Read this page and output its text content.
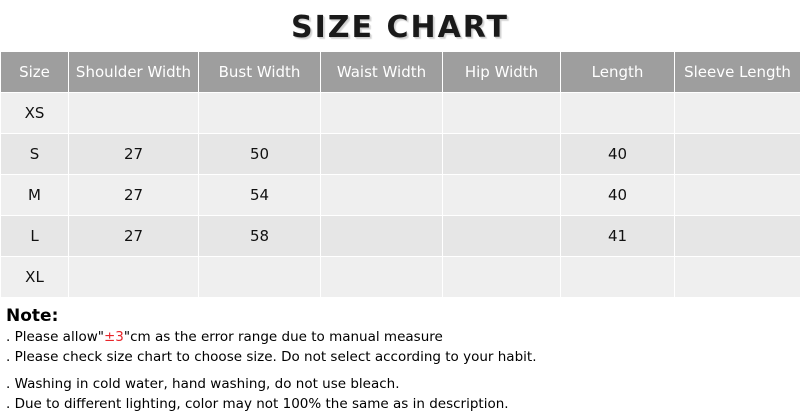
SIZE CHART
Size	Shoulder Width	Bust Width	Waist Width	Hip Width	Length	Sleeve Length
XS						
S	27	50			40	
M	27	54			40	
L	27	58			41	
XL						
Note:

. Please allow"±3"cm as the error range due to manual measure

. Please check size chart to choose size. Do not select according to your habit.

. Washing in cold water, hand washing, do not use bleach.

. Due to different lighting, color may not 100% the same as in description.
